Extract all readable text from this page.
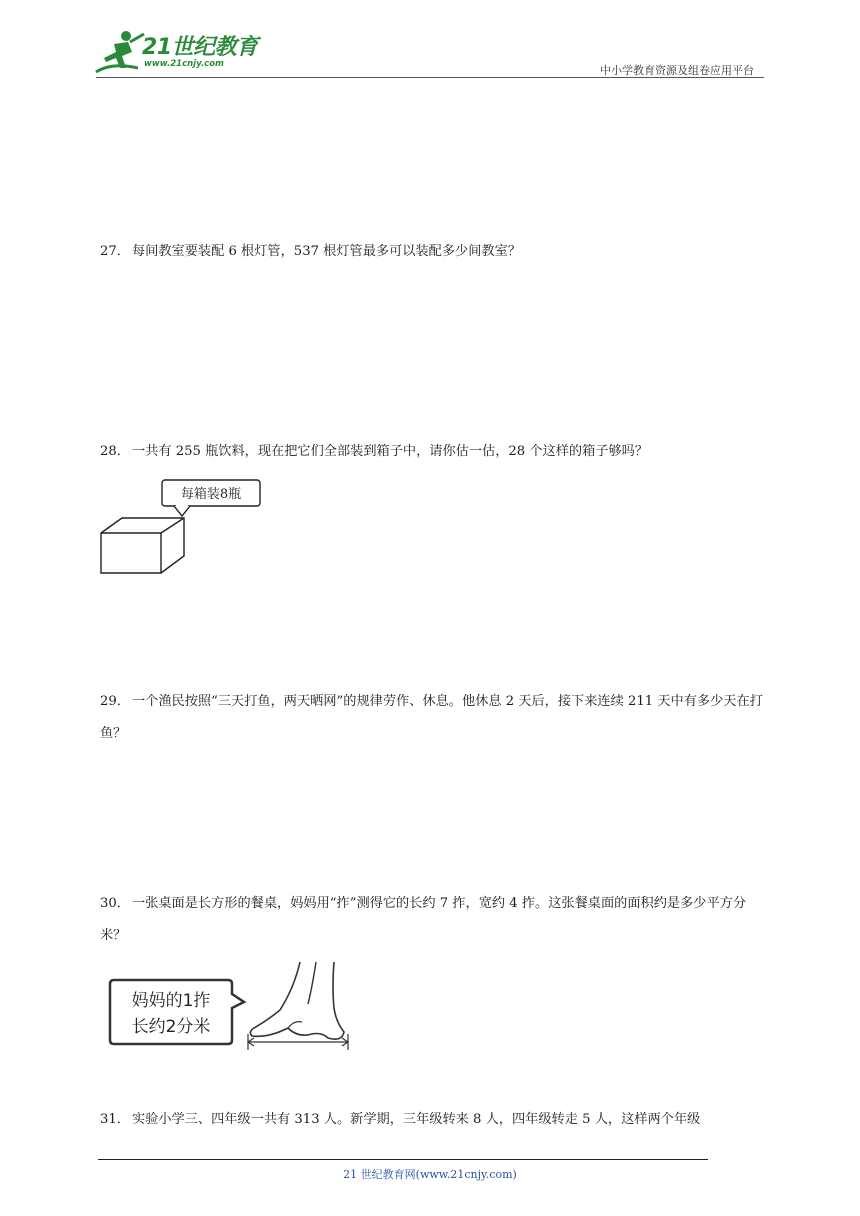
21世纪教育
www.21cnjy.com	中小学教育资源及组卷应用平台
27． 每间教室要装配 6 根灯管，537 根灯管最多可以装配多少间教室？
28． 一共有 255 瓶饮料，现在把它们全部装到箱子中，请你估一估，28 个这样的箱子够吗？
每箱装8瓶
29． 一个渔民按照“三天打鱼，两天晒网”的规律劳作、休息。他休息 2 天后，接下来连续 211 天中有多少天在打鱼？
30． 一张桌面是长方形的餐桌，妈妈用“拃”测得它的长约 7 拃，宽约 4 拃。这张餐桌面的面积约是多少平方分米？
妈妈的1拃
长约2分米
31． 实验小学三、四年级一共有 313 人。新学期，三年级转来 8 人，四年级转走 5 人，这样两个年级
21 世纪教育网(www.21cnjy.com)
